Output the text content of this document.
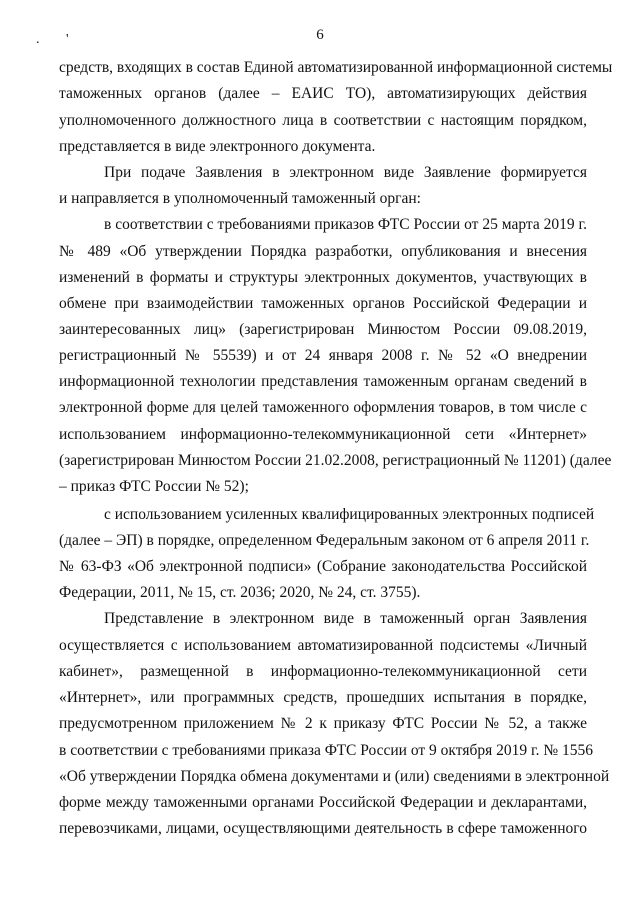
. '	6
средств, входящих в состав Единой автоматизированной информационной системы
таможенных органов (далее – ЕАИС ТО), автоматизирующих действия
уполномоченного должностного лица в соответствии с настоящим порядком,
представляется в виде электронного документа.
При подаче Заявления в электронном виде Заявление формируется
и направляется в уполномоченный таможенный орган:
в соответствии с требованиями приказов ФТС России от 25 марта 2019 г.
№ 489 «Об утверждении Порядка разработки, опубликования и внесения
изменений в форматы и структуры электронных документов, участвующих в
обмене при взаимодействии таможенных органов Российской Федерации и
заинтересованных лиц» (зарегистрирован Минюстом России 09.08.2019,
регистрационный № 55539) и от 24 января 2008 г. № 52 «О внедрении
информационной технологии представления таможенным органам сведений в
электронной форме для целей таможенного оформления товаров, в том числе с
использованием информационно-телекоммуникационной сети «Интернет»
(зарегистрирован Минюстом России 21.02.2008, регистрационный № 11201) (далее
– приказ ФТС России № 52);
с использованием усиленных квалифицированных электронных подписей
(далее – ЭП) в порядке, определенном Федеральным законом от 6 апреля 2011 г.
№ 63-ФЗ «Об электронной подписи» (Собрание законодательства Российской
Федерации, 2011, № 15, ст. 2036; 2020, № 24, ст. 3755).
Представление в электронном виде в таможенный орган Заявления
осуществляется с использованием автоматизированной подсистемы «Личный
кабинет», размещенной в информационно-телекоммуникационной сети
«Интернет», или программных средств, прошедших испытания в порядке,
предусмотренном приложением № 2 к приказу ФТС России № 52, а также
в соответствии с требованиями приказа ФТС России от 9 октября 2019 г. № 1556
«Об утверждении Порядка обмена документами и (или) сведениями в электронной
форме между таможенными органами Российской Федерации и декларантами,
перевозчиками, лицами, осуществляющими деятельность в сфере таможенного
